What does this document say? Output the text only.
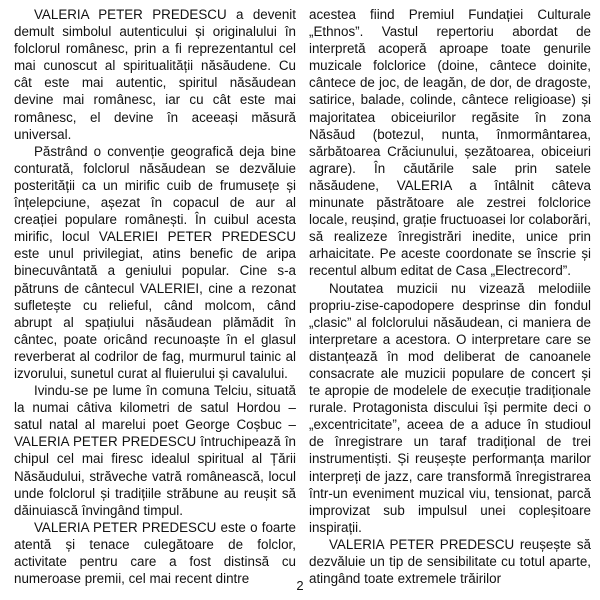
VALERIA PETER PREDESCU a devenit demult simbolul autenticului și originalului în folclorul românesc, prin a fi reprezentantul cel mai cunoscut al spiritualității năsăudene. Cu cât este mai autentic, spiritul năsăudean devine mai românesc, iar cu cât este mai românesc, el devine în aceeași măsură universal.

Păstrând o convenție geografică deja bine conturată, folclorul năsăudean se dezvăluie posterității ca un mirific cuib de frumusețe și înțelepciune, așezat în copacul de aur al creației populare românești. În cuibul acesta mirific, locul VALERIEI PETER PREDESCU este unul privilegiat, atins benefic de aripa binecuvântată a geniului popular. Cine s-a pătruns de cântecul VALERIEI, cine a rezonat sufletește cu relieful, când molcom, când abrupt al spațiului năsăudean plămădit în cântec, poate oricând recunoaște în el glasul reverberat al codrilor de fag, murmurul tainic al izvorului, sunetul curat al fluierului și cavalului.

Ivindu-se pe lume în comuna Telciu, situată la numai câtiva kilometri de satul Hordou – satul natal al marelui poet George Coșbuc – VALERIA PETER PREDESCU întruchipează în chipul cel mai firesc idealul spiritual al Țării Năsăudului, străveche vatră românească, locul unde folclorul și tradițiile străbune au reușit să dăinuiască învingând timpul.

VALERIA PETER PREDESCU este o foarte atentă și tenace culegătoare de folclor, activitate pentru care a fost distinsă cu numeroase premii, cel mai recent dintre

acestea fiind Premiul Fundației Culturale „Ethnos”. Vastul repertoriu abordat de interpretă acoperă aproape toate genurile muzicale folclorice (doine, cântece doinite, cântece de joc, de leagăn, de dor, de dragoste, satirice, balade, colinde, cântece religioase) și majoritatea obiceiurilor regăsite în zona Năsăud (botezul, nunta, înmormântarea, sărbătoarea Crăciunului, șezătoarea, obiceiuri agrare). În căutările sale prin satele năsăudene, VALERIA a întâlnit câteva minunate păstrătoare ale zestrei folclorice locale, reușind, grație fructuoasei lor colaborări, să realizeze înregistrări inedite, unice prin arhaicitate. Pe aceste coordonate se înscrie și recentul album editat de Casa „Electrecord”.

Noutatea muzicii nu vizează melodiile propriu-zise-capodopere desprinse din fondul „clasic” al folclorului năsăudean, ci maniera de interpretare a acestora. O interpretare care se distanțează în mod deliberat de canoanele consacrate ale muzicii populare de concert și te apropie de modelele de execuție tradiționale rurale. Protagonista discului își permite deci o „excentricitate”, aceea de a aduce în studioul de înregistrare un taraf tradițional de trei instrumentiști. Și reușește performanța marilor interpreți de jazz, care transformă înregistrarea într-un eveniment muzical viu, tensionat, parcă improvizat sub impulsul unei copleșitoare inspirații.

VALERIA PETER PREDESCU reușește să dezvăluie un tip de sensibilitate cu totul aparte, atingând toate extremele trăirilor

2
